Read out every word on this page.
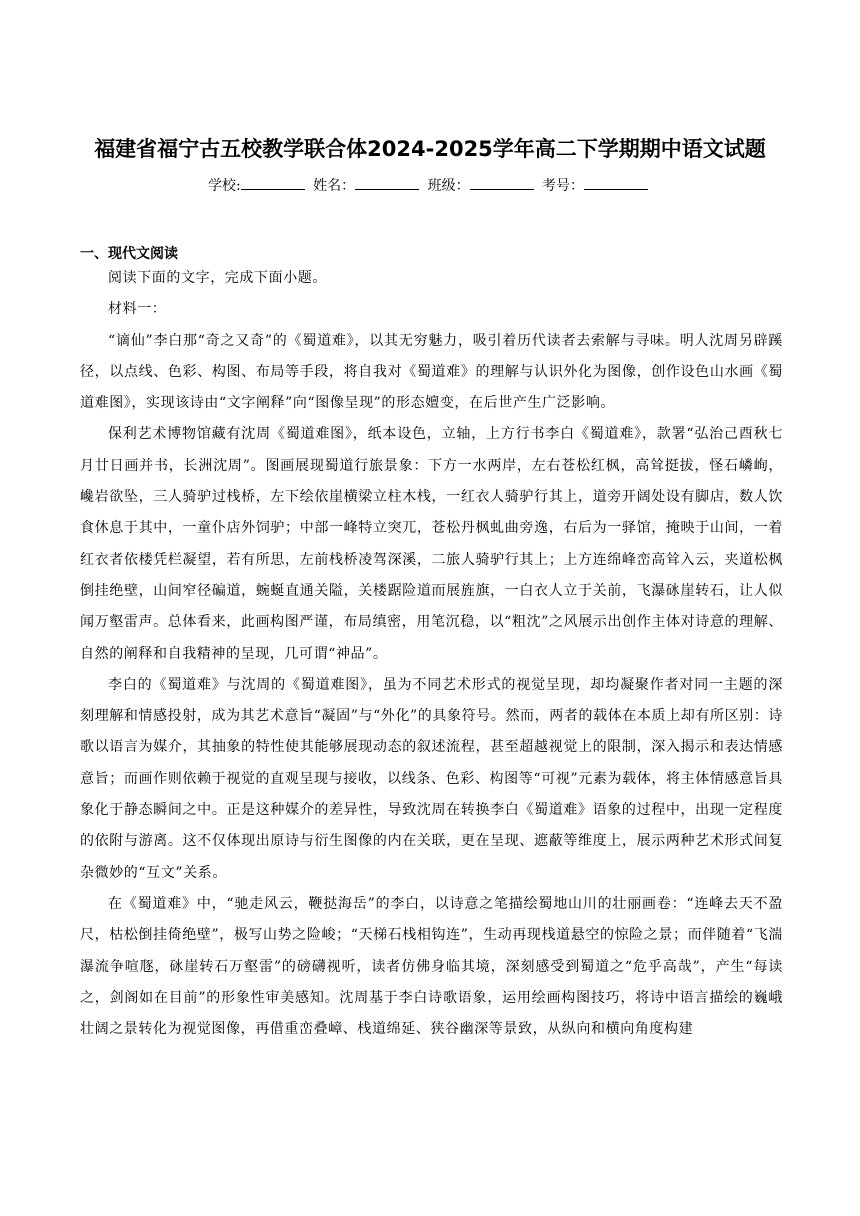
福建省福宁古五校教学联合体2024-2025学年高二下学期期中语文试题
学校:	姓名：	班级：	考号：
一、现代文阅读

阅读下面的文字，完成下面小题。

材料一：

“谪仙”李白那“奇之又奇”的《蜀道难》，以其无穷魅力，吸引着历代读者去索解与寻味。明人沈周另辟蹊径，以点线、色彩、构图、布局等手段，将自我对《蜀道难》的理解与认识外化为图像，创作设色山水画《蜀道难图》，实现该诗由“文字阐释”向“图像呈现”的形态嬗变，在后世产生广泛影响。

保利艺术博物馆藏有沈周《蜀道难图》，纸本设色，立轴，上方行书李白《蜀道难》，款署“弘治己酉秋七月廿日画并书，长洲沈周”。图画展现蜀道行旅景象：下方一水两岸，左右苍松红枫，高耸挺拔，怪石嶙峋，巉岩欲坠，三人骑驴过栈桥，左下绘依崖横梁立柱木栈，一红衣人骑驴行其上，道旁开阔处设有脚店，数人饮食休息于其中，一童仆店外饲驴；中部一峰特立突兀，苍松丹枫虬曲旁逸，右后为一驿馆，掩映于山间，一着红衣者依楼凭栏凝望，若有所思，左前栈桥凌驾深溪，二旅人骑驴行其上；上方连绵峰峦高耸入云，夹道松枫倒挂绝壁，山间窄径碥道，蜿蜒直通关隘，关楼踞险道而展旌旗，一白衣人立于关前，飞瀑砯崖转石，让人似闻万壑雷声。总体看来，此画构图严谨，布局缜密，用笔沉稳，以“粗沈”之风展示出创作主体对诗意的理解、自然的阐释和自我精神的呈现，几可谓“神品”。

李白的《蜀道难》与沈周的《蜀道难图》，虽为不同艺术形式的视觉呈现，却均凝聚作者对同一主题的深刻理解和情感投射，成为其艺术意旨“凝固”与“外化”的具象符号。然而，两者的载体在本质上却有所区别：诗歌以语言为媒介，其抽象的特性使其能够展现动态的叙述流程，甚至超越视觉上的限制，深入揭示和表达情感意旨；而画作则依赖于视觉的直观呈现与接收，以线条、色彩、构图等“可视”元素为载体，将主体情感意旨具象化于静态瞬间之中。正是这种媒介的差异性，导致沈周在转换李白《蜀道难》语象的过程中，出现一定程度的依附与游离。这不仅体现出原诗与衍生图像的内在关联，更在呈现、遮蔽等维度上，展示两种艺术形式间复杂微妙的“互文”关系。

在《蜀道难》中，“驰走风云，鞭挞海岳”的李白，以诗意之笔描绘蜀地山川的壮丽画卷：“连峰去天不盈尺，枯松倒挂倚绝壁”，极写山势之险峻；“天梯石栈相钩连”，生动再现栈道悬空的惊险之景；而伴随着“飞湍瀑流争喧豗，砯崖转石万壑雷”的磅礴视听，读者仿佛身临其境，深刻感受到蜀道之“危乎高哉”，产生“每读之，剑阁如在目前”的形象性审美感知。沈周基于李白诗歌语象，运用绘画构图技巧，将诗中语言描绘的巍峨壮阔之景转化为视觉图像，再借重峦叠嶂、栈道绵延、狭谷幽深等景致，从纵向和横向角度构建
